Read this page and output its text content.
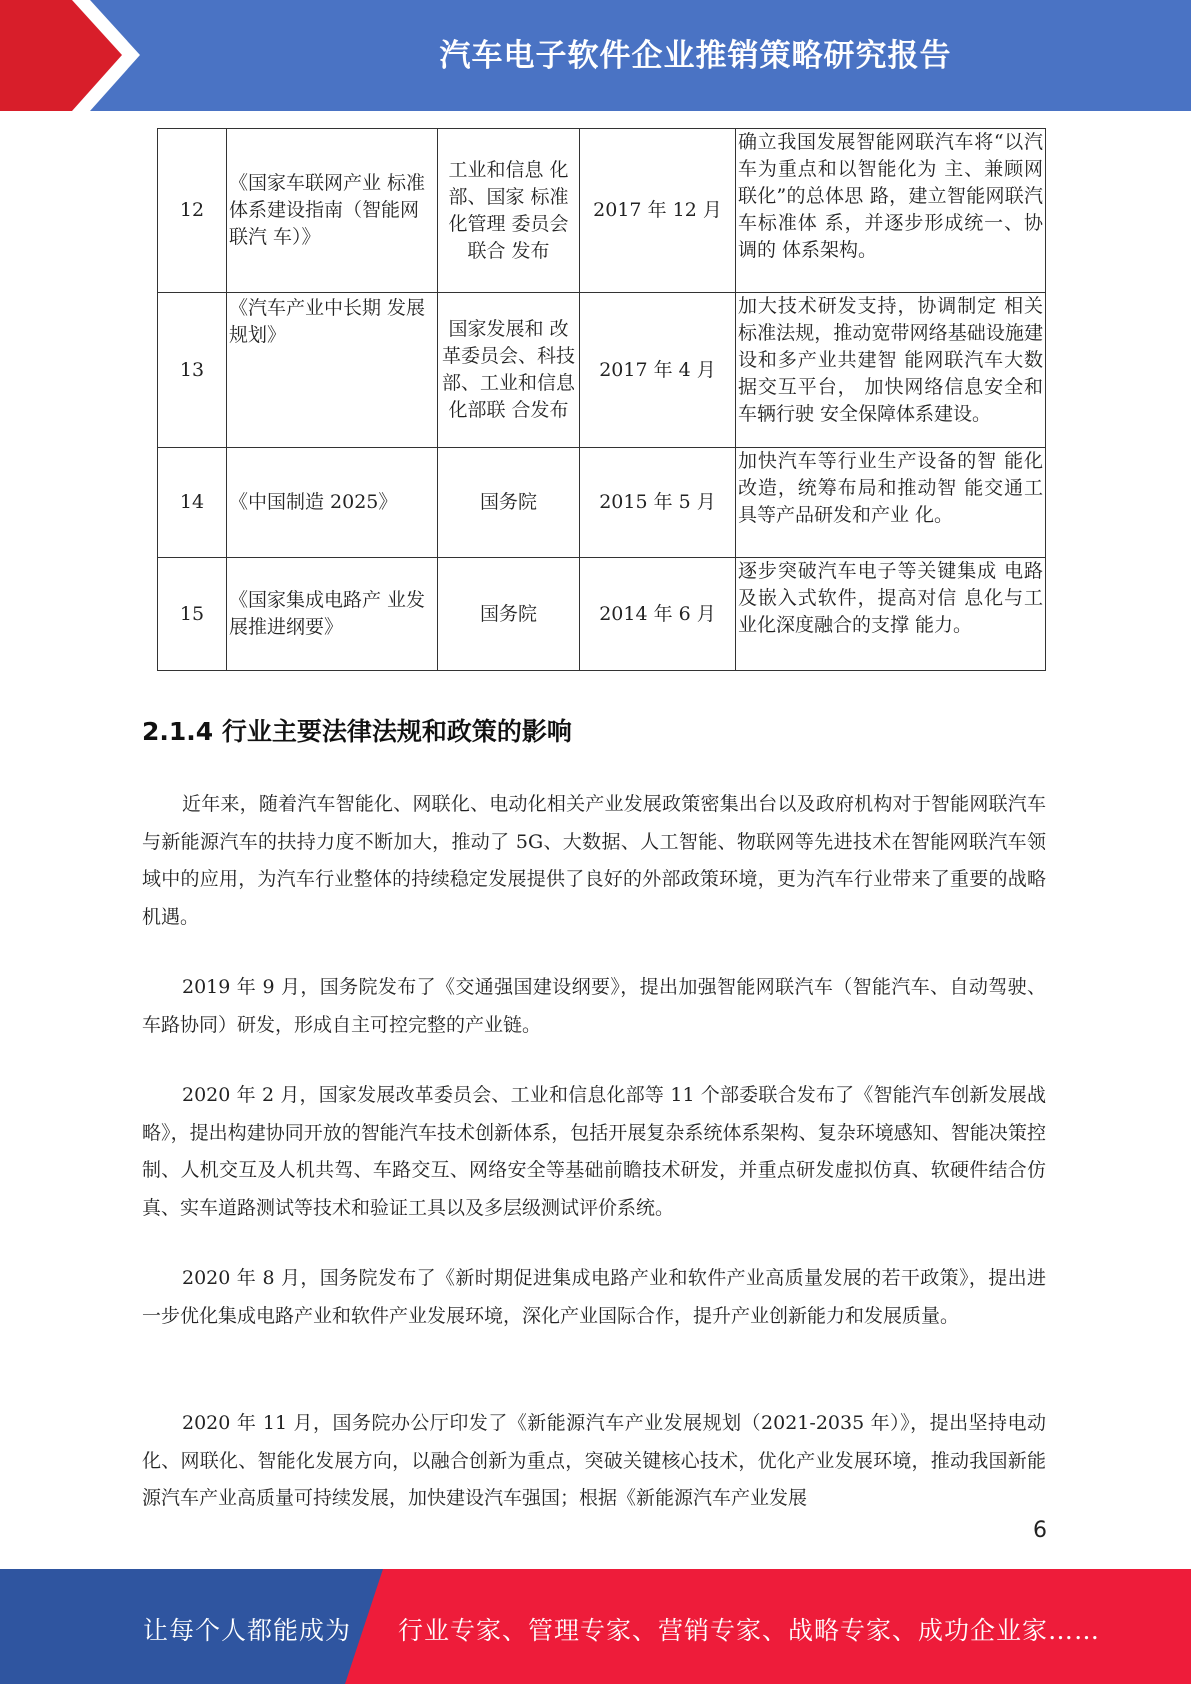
汽车电子软件企业推销策略研究报告
12	《国家车联网产业 标准体系建设指南（智能网联汽 车）》	工业和信息 化部、国家 标准化管理 委员会联合 发布	2017 年 12 月	确立我国发展智能网联汽车将“以汽车为重点和以智能化为 主、兼顾网联化”的总体思 路，建立智能网联汽车标准体 系，并逐步形成统一、协调的 体系架构。
13	《汽车产业中长期 发展规划》	国家发展和 改革委员会、科技 部、工业和信息化部联 合发布	2017 年 4 月	加大技术研发支持，协调制定 相关标准法规，推动宽带网络基础设施建设和多产业共建智 能网联汽车大数据交互平台， 加快网络信息安全和车辆行驶 安全保障体系建设。

14	《中国制造 2025》	国务院	2015 年 5 月	加快汽车等行业生产设备的智 能化改造，统筹布局和推动智 能交通工具等产品研发和产业 化。
15	《国家集成电路产 业发展推进纲要》	国务院	2014 年 6 月	逐步突破汽车电子等关键集成 电路及嵌入式软件，提高对信 息化与工业化深度融合的支撑 能力。
2.1.4 行业主要法律法规和政策的影响

近年来，随着汽车智能化、网联化、电动化相关产业发展政策密集出台以及政府机构对于智能网联汽车与新能源汽车的扶持力度不断加大，推动了 5G、大数据、人工智能、物联网等先进技术在智能网联汽车领域中的应用，为汽车行业整体的持续稳定发展提供了良好的外部政策环境，更为汽车行业带来了重要的战略机遇。

2019 年 9 月，国务院发布了《交通强国建设纲要》，提出加强智能网联汽车（智能汽车、自动驾驶、车路协同）研发，形成自主可控完整的产业链。

2020 年 2 月，国家发展改革委员会、工业和信息化部等 11 个部委联合发布了《智能汽车创新发展战略》，提出构建协同开放的智能汽车技术创新体系，包括开展复杂系统体系架构、复杂环境感知、智能决策控制、人机交互及人机共驾、车路交互、网络安全等基础前瞻技术研发，并重点研发虚拟仿真、软硬件结合仿真、实车道路测试等技术和验证工具以及多层级测试评价系统。

2020 年 8 月，国务院发布了《新时期促进集成电路产业和软件产业高质量发展的若干政策》，提出进一步优化集成电路产业和软件产业发展环境，深化产业国际合作，提升产业创新能力和发展质量。

2020 年 11 月，国务院办公厅印发了《新能源汽车产业发展规划（2021-2035 年）》，提出坚持电动化、网联化、智能化发展方向，以融合创新为重点，突破关键核心技术，优化产业发展环境，推动我国新能源汽车产业高质量可持续发展，加快建设汽车强国；根据《新能源汽车产业发展

6
让每个人都能成为 行业专家、管理专家、营销专家、战略专家、成功企业家……
